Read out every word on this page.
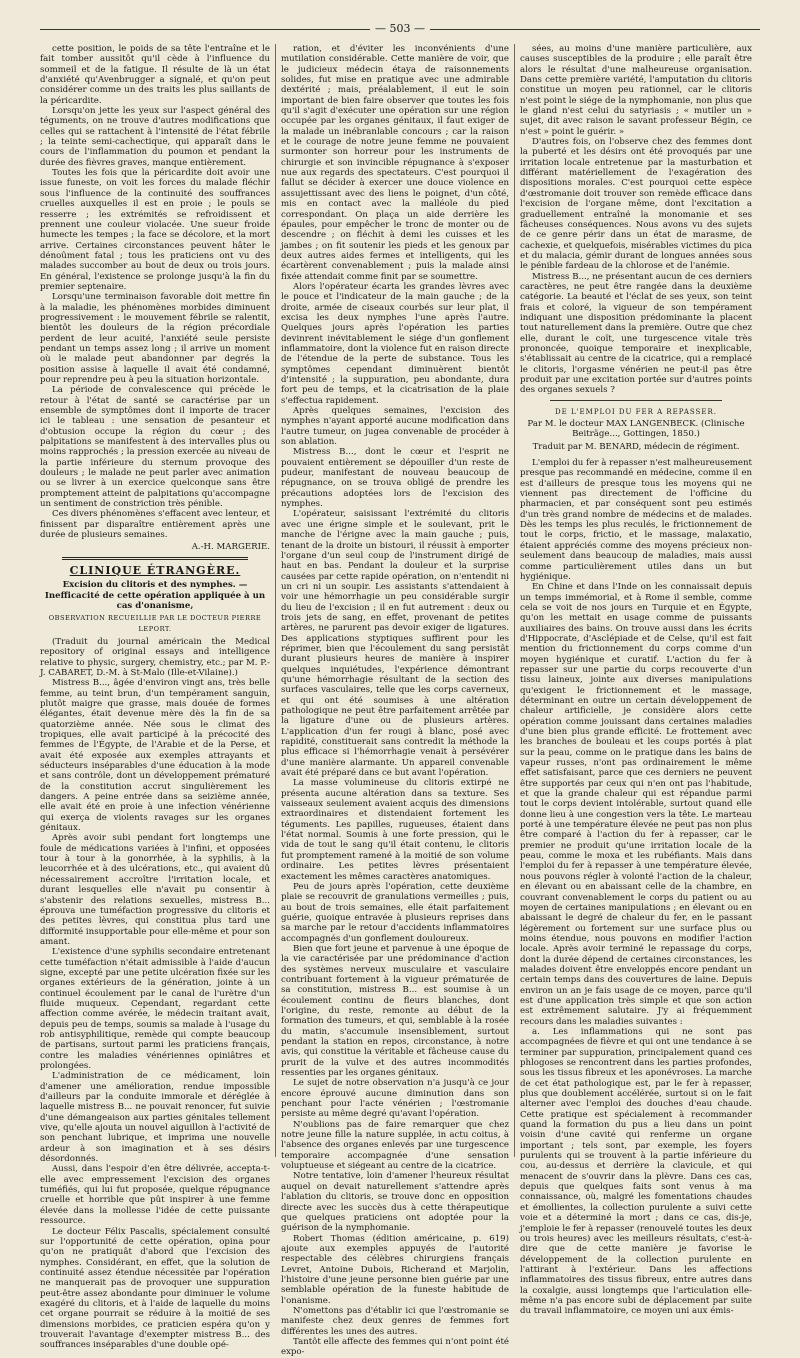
— 503 —

cette position, le poids de sa tête l'entraîne et le fait tomber aussitôt qu'il cède à l'influence du sommeil et de la fatigue. Il résulte de là un état d'anxiété qu'Avenbrugger a signalé, et qu'on peut considérer comme un des traits les plus saillants de la péricardite.

Lorsqu'on jette les yeux sur l'aspect général des téguments, on ne trouve d'autres modifications que celles qui se rattachent à l'intensité de l'état fébrile ; la teinte semi-cachectique, qui apparaît dans le cours de l'inflammation du poumon et pendant la durée des fièvres graves, manque entièrement.

Toutes les fois que la péricardite doit avoir une issue funeste, on voit les forces du malade fléchir sous l'influence de la continuité des souffrances cruelles auxquelles il est en proie ; le pouls se resserre ; les extrémités se refroidissent et prennent une couleur violacée. Une sueur froide humecte les tempes ; la face se décolore, et la mort arrive. Certaines circonstances peuvent hâter le dénoûment fatal ; tous les praticiens ont vu des malades succomber au bout de deux ou trois jours. En général, l'existence se prolonge jusqu'à la fin du premier septenaire.

Lorsqu'une terminaison favorable doit mettre fin à la maladie, les phénomènes morbides diminuent progressivement : le mouvement fébrile se ralentit, bientôt les douleurs de la région précordiale perdent de leur acuité, l'anxiété seule persiste pendant un temps assez long ; il arrive un moment où le malade peut abandonner par degrés la position assise à laquelle il avait été condamné, pour reprendre peu à peu la situation horizontale.

La période de convalescence qui précède le retour à l'état de santé se caractérise par un ensemble de symptômes dont il importe de tracer ici le tableau : une sensation de pesanteur et d'obtusion occupe la région du cœur ; des palpitations se manifestent à des intervalles plus ou moins rapprochés ; la pression exercée au niveau de la partie inférieure du sternum provoque des douleurs ; le malade ne peut parler avec animation ou se livrer à un exercice quelconque sans être promptement atteint de palpitations qu'accompagne un sentiment de constriction très pénible.

Ces divers phénomènes s'effacent avec lenteur, et finissent par disparaître entièrement après une durée de plusieurs semaines.

A.-H. MARGERIE.
CLINIQUE ÉTRANGÈRE.
Excision du clitoris et des nymphes. — Inefficacité de cette opération appliquée à un cas d'onanisme,
OBSERVATION RECUEILLIE PAR LE DOCTEUR PIERRE LEPORT.

(Traduit du journal américain the Medical repository of original essays and intelligence relative to physic, surgery, chemistry, etc.; par M. P.-J. CABARET, D.-M. à St-Malo (Ille-et-Vilaine).)

Mistress B..., âgée d'environ vingt ans, très belle femme, au teint brun, d'un tempérament sanguin, plutôt maigre que grasse, mais douée de formes élégantes, était devenue mère dès la fin de sa quatorzième année. Née sous le climat des tropiques, elle avait participé à la précocité des femmes de l'Égypte, de l'Arabie et de la Perse, et avait été exposée aux exemples attrayants et séducteurs inséparables d'une éducation à la mode et sans contrôle, dont un développement prématuré de la constitution accrut singulièrement les dangers. A peine entrée dans sa seizième année, elle avait été en proie à une infection vénérienne qui exerça de violents ravages sur les organes génitaux.

Après avoir subi pendant fort longtemps une foule de médications variées à l'infini, et opposées tour à tour à la gonorrhée, à la syphilis, à la leucorrhée et à des ulcérations, etc., qui avaient dû nécessairement accroître l'irritation locale, et durant lesquelles elle n'avait pu consentir à s'abstenir des relations sexuelles, mistress B... éprouva une tuméfaction progressive du clitoris et des petites lèvres, qui constitua plus tard une difformité insupportable pour elle-même et pour son amant.

L'existence d'une syphilis secondaire entretenant cette tuméfaction n'était admissible à l'aide d'aucun signe, excepté par une petite ulcération fixée sur les organes extérieurs de la génération, jointe à un continuel écoulement par le canal de l'urètre d'un fluide muqueux. Cependant, regardant cette affection comme avérée, le médecin traitant avait, depuis peu de temps, soumis sa malade à l'usage du rob antisyphilitique, remède qui compte beaucoup de partisans, surtout parmi les praticiens français, contre les maladies vénériennes opiniâtres et prolongées.

L'administration de ce médicament, loin d'amener une amélioration, rendue impossible d'ailleurs par la conduite immorale et dérégléе à laquelle mistress B... ne pouvait renoncer, fut suivie d'une démangeaison aux parties génitales tellement vive, qu'elle ajouta un nouvel aiguillon à l'activité de son penchant lubrique, et imprima une nouvelle ardeur à son imagination et à ses désirs désordonnés.

Aussi, dans l'espoir d'en être délivrée, accepta-t-elle avec empressement l'excision des organes tuméfiés, qui lui fut proposée, quelque répugnance cruelle et horrible que pût inspirer à une femme élevée dans la mollesse l'idée de cette puissante ressource.

Le docteur Félix Pascalis, spécialement consulté sur l'opportunité de cette opération, opina pour qu'on ne pratiquât d'abord que l'excision des nymphes. Considérant, en effet, que la solution de continuité assez étendue nécessitée par l'opération ne manquerait pas de provoquer une suppuration peut-être assez abondante pour diminuer le volume exagéré du clitoris, et à l'aide de laquelle du moins cet organe pourrait se réduire à la moitié de ses dimensions morbides, ce praticien espéra qu'on y trouverait l'avantage d'exempter mistress B... des souffrances inséparables d'une double opé-

ration, et d'éviter les inconvénients d'une mutilation considérable. Cette manière de voir, que le judicieux médecin étaya de raisonnements solides, fut mise en pratique avec une admirable dextérité ; mais, préalablement, il eut le soin important de bien faire observer que toutes les fois qu'il s'agit d'exécuter une opération sur une région occupée par les organes génitaux, il faut exiger de la malade un inébranlable concours ; car la raison et le courage de notre jeune femme ne pouvaient surmonter son horreur pour les instruments de chirurgie et son invincible répugnance à s'exposer nue aux regards des spectateurs. C'est pourquoi il fallut se décider à exercer une douce violence en assujettissant avec des liens le poignet, d'un côté, mis en contact avec la malléole du pied correspondant. On plaça un aide derrière les épaules, pour empêcher le tronc de monter ou de descendre ; on fléchit à demi les cuisses et les jambes ; on fit soutenir les pieds et les genoux par deux autres aides fermes et intelligents, qui les écartèrent convenablement ; puis la malade ainsi fixée attendait comme finit par se soumettre.

Alors l'opérateur écarta les grandes lèvres avec le pouce et l'indicateur de la main gauche ; de la droite, armée de ciseaux courbés sur leur plat, il excisa les deux nymphes l'une après l'autre. Quelques jours après l'opération les parties devinrent inévitablement le siége d'un gonflement inflammatoire, dont la violence fut en raison directe de l'étendue de la perte de substance. Tous les symptômes cependant diminuèrent bientôt d'intensité ; la suppuration, peu abondante, dura fort peu de temps, et la cicatrisation de la plaie s'effectua rapidement.

Après quelques semaines, l'excision des nymphes n'ayant apporté aucune modification dans l'autre tumeur, on jugea convenable de procéder à son ablation.

Mistress B..., dont le cœur et l'esprit ne pouvaient entièrement se dépouiller d'un reste de pudeur, manifestant de nouveau beaucoup de répugnance, on se trouva obligé de prendre les précautions adoptées lors de l'excision des nymphes.

L'opérateur, saisissant l'extrémité du clitoris avec une érigne simple et le soulevant, prit le manche de l'érigne avec la main gauche ; puis, tenant de la droite un bistouri, il réussit à emporter l'organe d'un seul coup de l'instrument dirigé de haut en bas. Pendant la douleur et la surprise causées par cette rapide opération, on n'entendit ni un cri ni un soupir. Les assistants s'attendaient à voir une hémorrhagie un peu considérable surgir du lieu de l'excision ; il en fut autrement : deux ou trois jets de sang, en effet, provenant de petites artères, ne parurent pas devoir exiger de ligatures. Des applications styptiques suffirent pour les réprimer, bien que l'écoulement du sang persistât durant plusieurs heures de manière à inspirer quelques inquiétudes, l'expérience démontrant qu'une hémorrhagie résultant de la section des surfaces vasculaires, telle que les corps caverneux, et qui ont été soumises à une altération pathologique ne peut être parfaitement arrêtée par la ligature d'une ou de plusieurs artères. L'application d'un fer rougi à blanc, posé avec rapidité, constituerait sans contredit la méthode la plus efficace si l'hémorrhagie venait à persévérer d'une manière alarmante. Un appareil convenable avait été préparé dans ce but avant l'opération.

La masse volumineuse du clitoris extirpé ne présenta aucune altération dans sa texture. Ses vaisseaux seulement avaient acquis des dimensions extraordinaires et distendaient fortement les téguments. Les papilles, rugueuses, étaient dans l'état normal. Soumis à une forte pression, qui le vida de tout le sang qu'il était contenu, le clitoris fut promptement ramené à la moitié de son volume ordinaire. Les petites lèvres présentaient exactement les mêmes caractères anatomiques.

Peu de jours après l'opération, cette deuxième plaie se recouvrit de granulations vermeilles ; puis, au bout de trois semaines, elle était parfaitement guérie, quoique entravée à plusieurs reprises dans sa marche par le retour d'accidents inflammatoires accompagnés d'un gonflement douloureux.

Bien que fort jeune et parvenue à une époque de la vie caractérisée par une prédominance d'action des systèmes nerveux musculaire et vasculaire contribuant fortement à la vigueur prématurée de sa constitution, mistress B... est soumise à un écoulement continu de fleurs blanches, dont l'origine, du reste, remonte au début de la formation des tumeurs, et qui, semblable à la rosée du matin, s'accumule insensiblement, surtout pendant la station en repos, circonstance, à notre avis, qui constitue la véritable et fâcheuse cause du prurit de la vulve et des autres incommodités ressenties par les organes génitaux.

Le sujet de notre observation n'a jusqu'à ce jour encore éprouvé aucune diminution dans son penchant pour l'acte vénérien ; l'œstromanie persiste au même degré qu'avant l'opération.

N'oublions pas de faire remarquer que chez notre jeune fille la nature supplée, in actu coitus, à l'absence des organes enlevés par une turgescence temporaire accompagnée d'une sensation voluptueuse et siégeant au centre de la cicatrice.

Notre tentative, loin d'amener l'heureux résultat auquel on devait naturellement s'attendre après l'ablation du clitoris, se trouve donc en opposition directe avec les succès dus à cette thérapeutique que quelques praticiens ont adoptée pour la guérison de la nymphomanie.

Robert Thomas (édition américaine, p. 619) ajoute aux exemples appuyés de l'autorité respectable des célèbres chirurgiens français Levret, Antoine Dubois, Richerand et Marjolin, l'histoire d'une jeune personne bien guérie par une semblable opération de la funeste habitude de l'onanisme.

N'omettons pas d'établir ici que l'œstromanie se manifeste chez deux genres de femmes fort différentes les unes des autres.

Tantôt elle affecte des femmes qui n'ont point été expo-

sées, au moins d'une manière particulière, aux causes susceptibles de la produire ; elle paraît être alors le résultat d'une malheureuse organisation. Dans cette première variété, l'amputation du clitoris constitue un moyen peu rationnel, car le clitoris n'est point le siége de la nymphomanie, non plus que le gland n'est celui du satyriasis ; « mutiler un » sujet, dit avec raison le savant professeur Bégin, ce n'est » point le guérir. »

D'autres fois, on l'observe chez des femmes dont la puberté et les désirs ont été provoqués par une irritation locale entretenue par la masturbation et différant matériellement de l'exagération des dispositions morales. C'est pourquoi cette espèce d'œstromanie doit trouver son remède efficace dans l'excision de l'organe même, dont l'excitation a graduellement entraîné la monomanie et ses fâcheuses conséquences. Nous avons vu des sujets de ce genre périr dans un état de marasme, de cachexie, et quelquefois, misérables victimes du pica et du malacia, gémir durant de longues années sous le pénible fardeau de la chlorose et de l'anémie.

Mistress B..., ne présentant aucun de ces derniers caractères, ne peut être rangée dans la deuxième catégorie. La beauté et l'éclat de ses yeux, son teint frais et coloré, la vigueur de son tempérament indiquant une disposition prédominante la placent tout naturellement dans la première. Outre que chez elle, durant le coït, une turgescence vitale très prononcée, quoique temporaire et inexplicable, s'établissait au centre de la cicatrice, qui a remplacé le clitoris, l'orgasme vénérien ne peut-il pas être produit par une excitation portée sur d'autres points des organes sexuels ?

DE L'EMPLOI DU FER A REPASSER.
Par M. le docteur MAX LANGENBECK. (Clinische Beiträge..., Gottingen, 1850.)
Traduit par M. BENARD, médecin de régiment.

L'emploi du fer à repasser n'est malheureusement presque pas recommandé en médecine, comme il en est d'ailleurs de presque tous les moyens qui ne viennent pas directement de l'officine du pharmacien, et par conséquent sont peu estimés d'un très grand nombre de médecins et de malades. Dès les temps les plus reculés, le frictionnement de tout le corps, frictio, et le massage, malaxatio, étaient appréciés comme des moyens précieux non-seulement dans beaucoup de maladies, mais aussi comme particulièrement utiles dans un but hygiénique.

En Chine et dans l'Inde on les connaissait depuis un temps immémorial, et à Rome il semble, comme cela se voit de nos jours en Turquie et en Égypte, qu'on les mettait en usage comme de puissants auxiliaires des bains. On trouve aussi dans les écrits d'Hippocrate, d'Asclépiade et de Celse, qu'il est fait mention du frictionnement du corps comme d'un moyen hygiénique et curatif. L'action du fer à repasser sur une partie du corps recouverte d'un tissu laineux, jointe aux diverses manipulations qu'exigent le frictionnement et le massage, déterminant en outre un certain développement de chaleur artificielle, je considère alors cette opération comme jouissant dans certaines maladies d'une bien plus grande efficité. Le frottement avec les branches de bouleau et les coups portés à plat sur la peau, comme on le pratique dans les bains de vapeur russes, n'ont pas ordinairement le même effet satisfaisant, parce que ces derniers ne peuvent être supportés par ceux qui n'en ont pas l'habitude, et que la grande chaleur qui est répandue parmi tout le corps devient intolérable, surtout quand elle donne lieu à une congestion vers la tête. Le marteau porté à une température élevée ne peut pas non plus être comparé à l'action du fer à repasser, car le premier ne produit qu'une irritation locale de la peau, comme le moxa et les rubéfiants. Mais dans l'emploi du fer à repasser à une température élevée, nous pouvons régler à volonté l'action de la chaleur, en élevant ou en abaissant celle de la chambre, en couvrant convenablement le corps du patient ou au moyen de certaines manipulations ; en élevant ou en abaissant le degré de chaleur du fer, en le passant légèrement ou fortement sur une surface plus ou moins étendue, nous pouvons en modifier l'action locale. Après avoir terminé le repassage du corps, dont la durée dépend de certaines circonstances, les malades doivent être enveloppés encore pendant un certain temps dans des couvertures de laine. Depuis environ un an je fais usage de ce moyen, parce qu'il est d'une application très simple et que son action est extrêmement salutaire. J'y ai fréquemment recours dans les maladies suivantes :

a. Les inflammations qui ne sont pas accompagnées de fièvre et qui ont une tendance à se terminer par suppuration, principalement quand ces phlogoses se rencontrent dans les parties profondes, sous les tissus fibreux et les aponévroses. La marche de cet état pathologique est, par le fer à repasser, plus que doublement accélérée, surtout si on le fait alterner avec l'emploi des douches d'eau chaude. Cette pratique est spécialement à recommander quand la formation du pus a lieu dans un point voisin d'une cavité qui renferme un organe important ; tels sont, par exemple, les foyers purulents qui se trouvent à la partie inférieure du cou, au-dessus et derrière la clavicule, et qui menacent de s'ouvrir dans la plèvre. Dans ces cas, depuis que quelques faits sont venus à ma connaissance, où, malgré les fomentations chaudes et émollientes, la collection purulente a suivi cette voie et a déterminé la mort ; dans ce cas, dis-je, j'emploie le fer à repasser (renouvelé toutes les deux ou trois heures) avec les meilleurs résultats, c'est-à-dire que de cette manière je favorise le développement de la collection purulente en l'attirant à l'extérieur. Dans les affections inflammatoires des tissus fibreux, entre autres dans la coxalgie, aussi longtemps que l'articulation elle-même n'a pas encore subi de déplacement par suite du travail inflammatoire, ce moyen uni aux émis-
